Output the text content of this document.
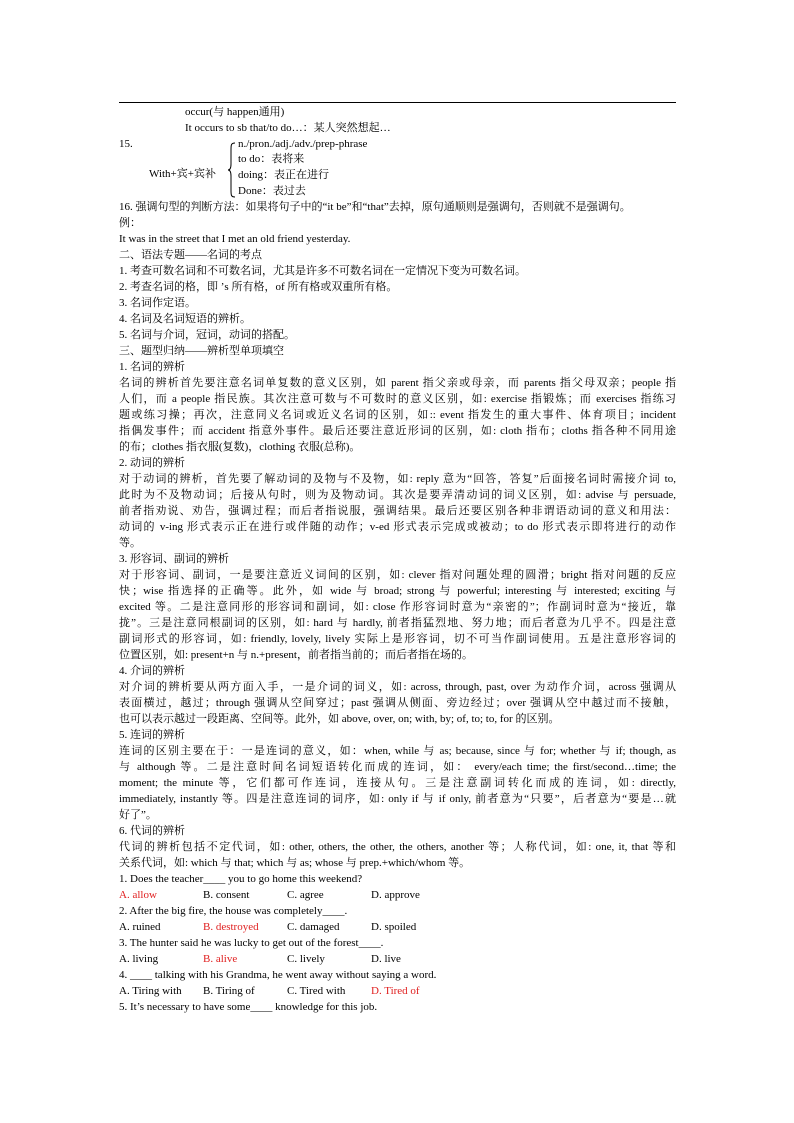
occur(与 happen通用)
It occurs to sb that/to do…：某人突然想起…
15.
With+宾+宾补
n./pron./adj./adv./prep-phrase
to do：表将来
doing：表正在进行
Done：表过去
16. 强调句型的判断方法：如果将句子中的“it be”和“that”去掉，原句通顺则是强调句，否则就不是强调句。
例：
It was in the street that I met an old friend yesterday.
二、语法专题——名词的考点
1. 考查可数名词和不可数名词，尤其是许多不可数名词在一定情况下变为可数名词。
2. 考查名词的格，即 ’s 所有格，of 所有格或双重所有格。
3. 名词作定语。
4. 名词及名词短语的辨析。
5. 名词与介词，冠词，动词的搭配。
三、题型归纳——辨析型单项填空
1. 名词的辨析
名词的辨析首先要注意名词单复数的意义区别，如 parent 指父亲或母亲，而 parents 指父母双亲；people 指
人们，而 a people 指民族。其次注意可数与不可数时的意义区别，如: exercise 指锻炼；而 exercises 指练习
题或练习操；再次，注意同义名词或近义名词的区别，如:: event 指发生的重大事件、体育项目；incident
指偶发事件；而 accident 指意外事件。最后还要注意近形词的区别，如: cloth 指布；cloths 指各种不同用途
的布；clothes 指衣服(复数)，clothing 衣服(总称)。
2. 动词的辨析
对于动词的辨析，首先要了解动词的及物与不及物，如: reply 意为“回答，答复”后面接名词时需接介词 to,
此时为不及物动词；后接从句时，则为及物动词。其次是要弄清动词的词义区别，如: advise 与 persuade,
前者指劝说、劝告，强调过程；而后者指说服，强调结果。最后还要区别各种非谓语动词的意义和用法：
动词的 v-ing 形式表示正在进行或伴随的动作；v-ed 形式表示完成或被动；to do 形式表示即将进行的动作
等。
3. 形容词、副词的辨析
对于形容词、副词，一是要注意近义词间的区别，如: clever 指对问题处理的圆滑；bright 指对问题的反应
快；wise 指选择的正确等。此外，如 wide 与 broad; strong 与 powerful; interesting 与 interested; exciting 与
excited 等。二是注意同形的形容词和副词，如: close 作形容词时意为“亲密的”；作副词时意为“接近，靠
拢”。三是注意同根副词的区别，如: hard 与 hardly, 前者指猛烈地、努力地；而后者意为几乎不。四是注意
副词形式的形容词，如: friendly, lovely, lively 实际上是形容词，切不可当作副词使用。五是注意形容词的
位置区别，如: present+n 与 n.+present，前者指当前的；而后者指在场的。
4. 介词的辨析
对介词的辨析要从两方面入手，一是介词的词义，如: across, through, past, over 为动作介词，across 强调从
表面横过，越过；through 强调从空间穿过；past 强调从侧面、旁边经过；over 强调从空中越过而不接触，
也可以表示越过一段距离、空间等。此外，如 above, over, on; with, by; of, to; to, for 的区别。
5. 连词的辨析
连词的区别主要在于：一是连词的意义，如：when, while 与 as; because, since 与 for; whether 与 if; though, as
与 although 等。二是注意时间名词短语转化而成的连词，如： every/each time; the first/second…time; the
moment; the minute 等，它们都可作连词，连接从句。三是注意副词转化而成的连词，如: directly,
immediately, instantly 等。四是注意连词的词序，如: only if 与 if only, 前者意为“只要”，后者意为“要是…就
好了”。
6. 代词的辨析
代词的辨析包括不定代词，如: other, others, the other, the others, another 等；人称代词，如: one, it, that 等和
关系代词，如: which 与 that; which 与 as; whose 与 prep.+which/whom 等。
1. Does the teacher____ you to go home this weekend?
A. allow	B. consent	C. agree	D. approve
2. After the big fire, the house was completely____.
A. ruined	B. destroyed	C. damaged	D. spoiled
3. The hunter said he was lucky to get out of the forest____.
A. living	B. alive	C. lively	D. live
4. ____ talking with his Grandma, he went away without saying a word.
A. Tiring with B. Tiring of	C. Tired with D. Tired of
5. It’s necessary to have some____ knowledge for this job.
